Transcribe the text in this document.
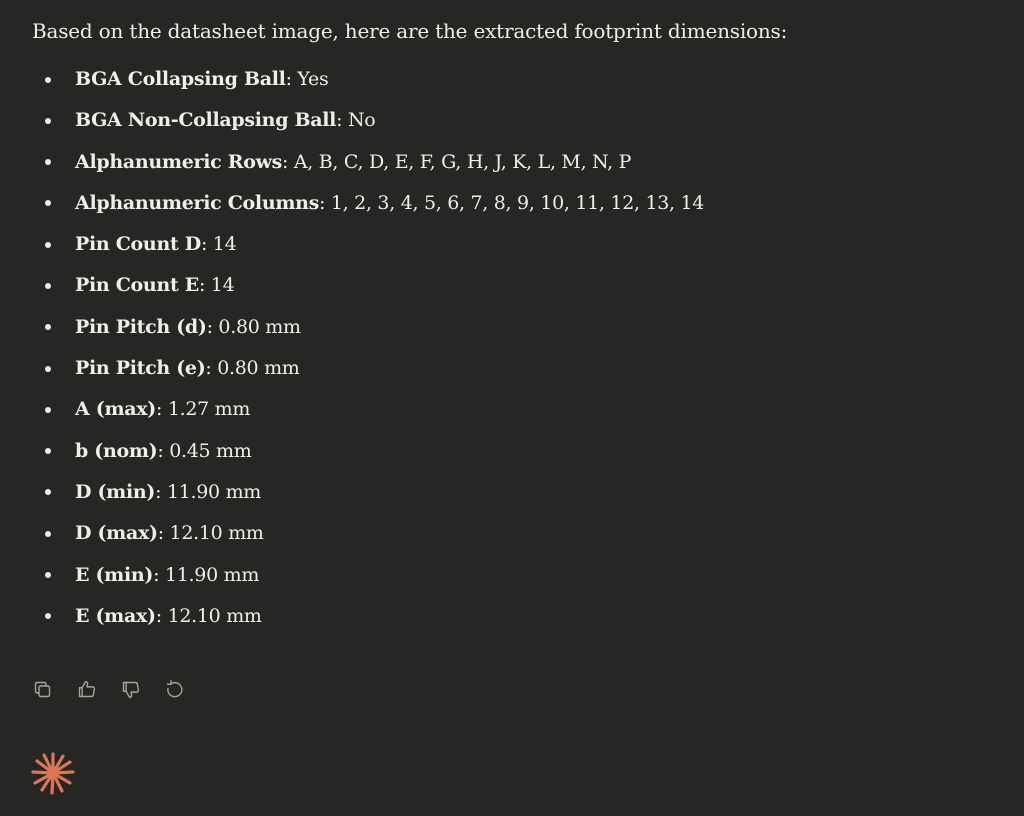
Based on the datasheet image, here are the extracted footprint dimensions:

BGA Collapsing Ball: Yes
BGA Non-Collapsing Ball: No
Alphanumeric Rows: A, B, C, D, E, F, G, H, J, K, L, M, N, P
Alphanumeric Columns: 1, 2, 3, 4, 5, 6, 7, 8, 9, 10, 11, 12, 13, 14
Pin Count D: 14
Pin Count E: 14
Pin Pitch (d): 0.80 mm
Pin Pitch (e): 0.80 mm
A (max): 1.27 mm
b (nom): 0.45 mm
D (min): 11.90 mm
D (max): 12.10 mm
E (min): 11.90 mm
E (max): 12.10 mm
